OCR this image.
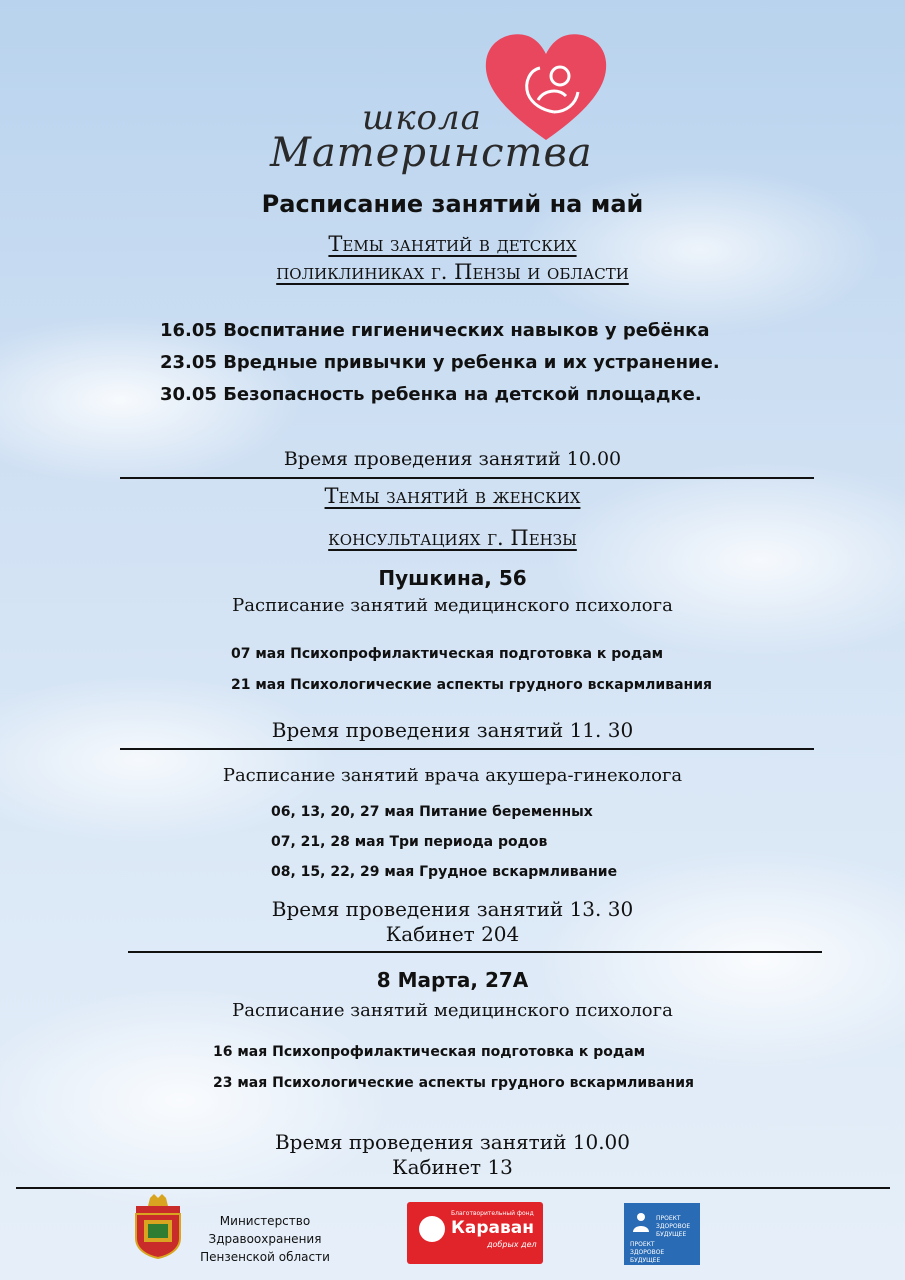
школа
Материнства
Расписание занятий на май
Темы занятий в детских
поликлиниках г. Пензы и области
16.05 Воспитание гигиенических навыков у ребёнка
23.05 Вредные привычки у ребенка и их устранение.
30.05 Безопасность ребенка на детской площадке.
Время проведения занятий 10.00
Темы занятий в женских
консультациях г. Пензы
Пушкина, 56
Расписание занятий медицинского психолога
07 мая Психопрофилактическая подготовка к родам
21 мая Психологические аспекты грудного вскармливания
Время проведения занятий 11. 30
Расписание занятий врача акушера-гинеколога
06, 13, 20, 27 мая Питание беременных
07, 21, 28 мая Три периода родов
08, 15, 22, 29 мая Грудное вскармливание
Время проведения занятий 13. 30
Кабинет 204
8 Марта, 27А
Расписание занятий медицинского психолога
16 мая Психопрофилактическая подготовка к родам
23 мая Психологические аспекты грудного вскармливания
Время проведения занятий 10.00
Кабинет 13
Министерство
Здравоохранения
Пензенской области
Благотворительный фонд
Караван
добрых дел
ПРОЕКТ
ЗДОРОВОЕ
БУДУЩЕЕ
ПРОЕКТ
ЗДОРОВОЕ
БУДУЩЕЕ
